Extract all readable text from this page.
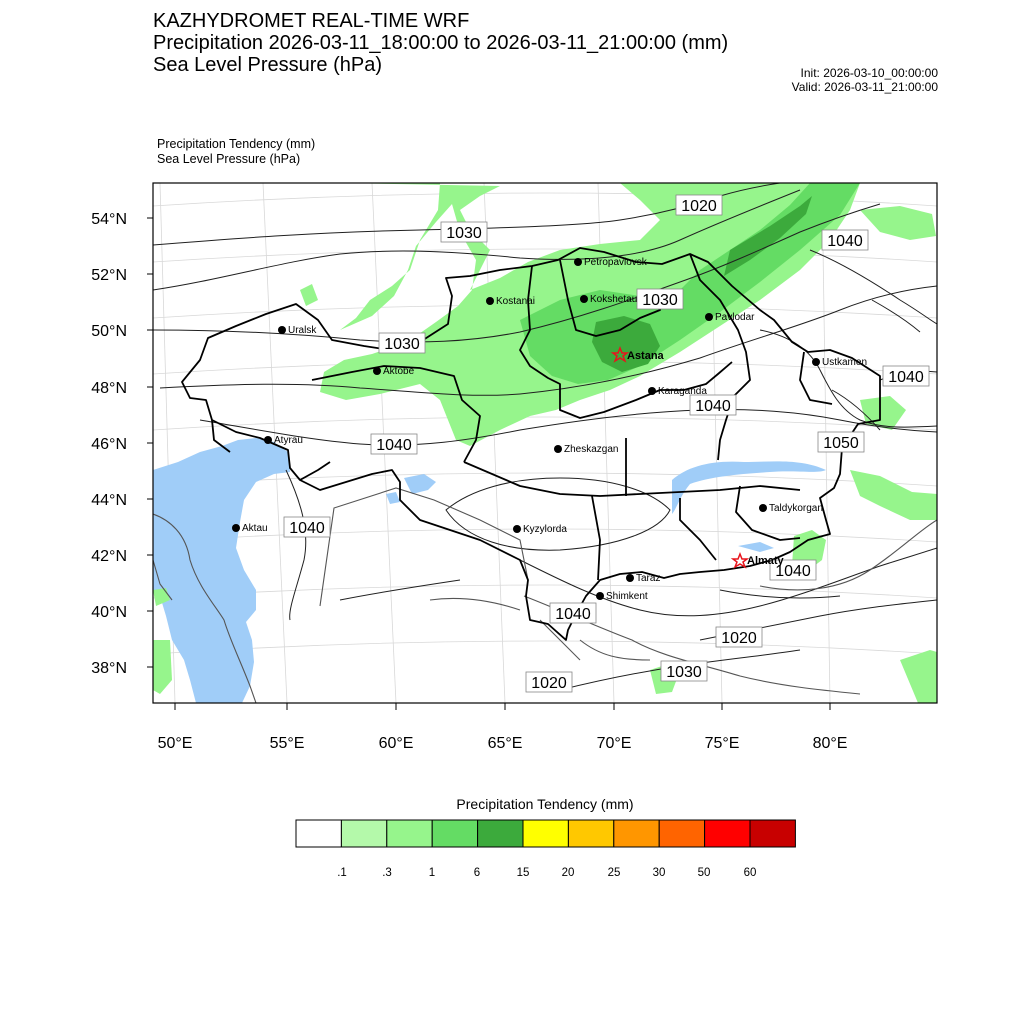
KAZHYDROMET REAL-TIME WRF
Precipitation 2026-03-11_18:00:00 to 2026-03-11_21:00:00 (mm)
Sea Level Pressure (hPa)	Init: 2026-03-10_00:00:00
Valid: 2026-03-11_21:00:00
Precipitation Tendency (mm)
Sea Level Pressure (hPa)
54°N
52°N
50°N
48°N
46°N
44°N
42°N
40°N
38°N
50°E	55°E	60°E	65°E	70°E	75°E	80°E
1020
1040
1030
1030
1040
1040
1050
1040
1040
1040
1040
1020
1030
1030
1020
Petropavlovsk
Kostanai	Kokshetau
Uralsk
Pavlodar
Astana
Aktobe
Ustkamen
Karaganda
Atyrau
Zheskazgan
Taldykorgan
Aktau	Kyzylorda
Almaty
Taraz
Shimkent
Precipitation Tendency (mm)
.1	.3	1	6	15	20	25	30	50	60
